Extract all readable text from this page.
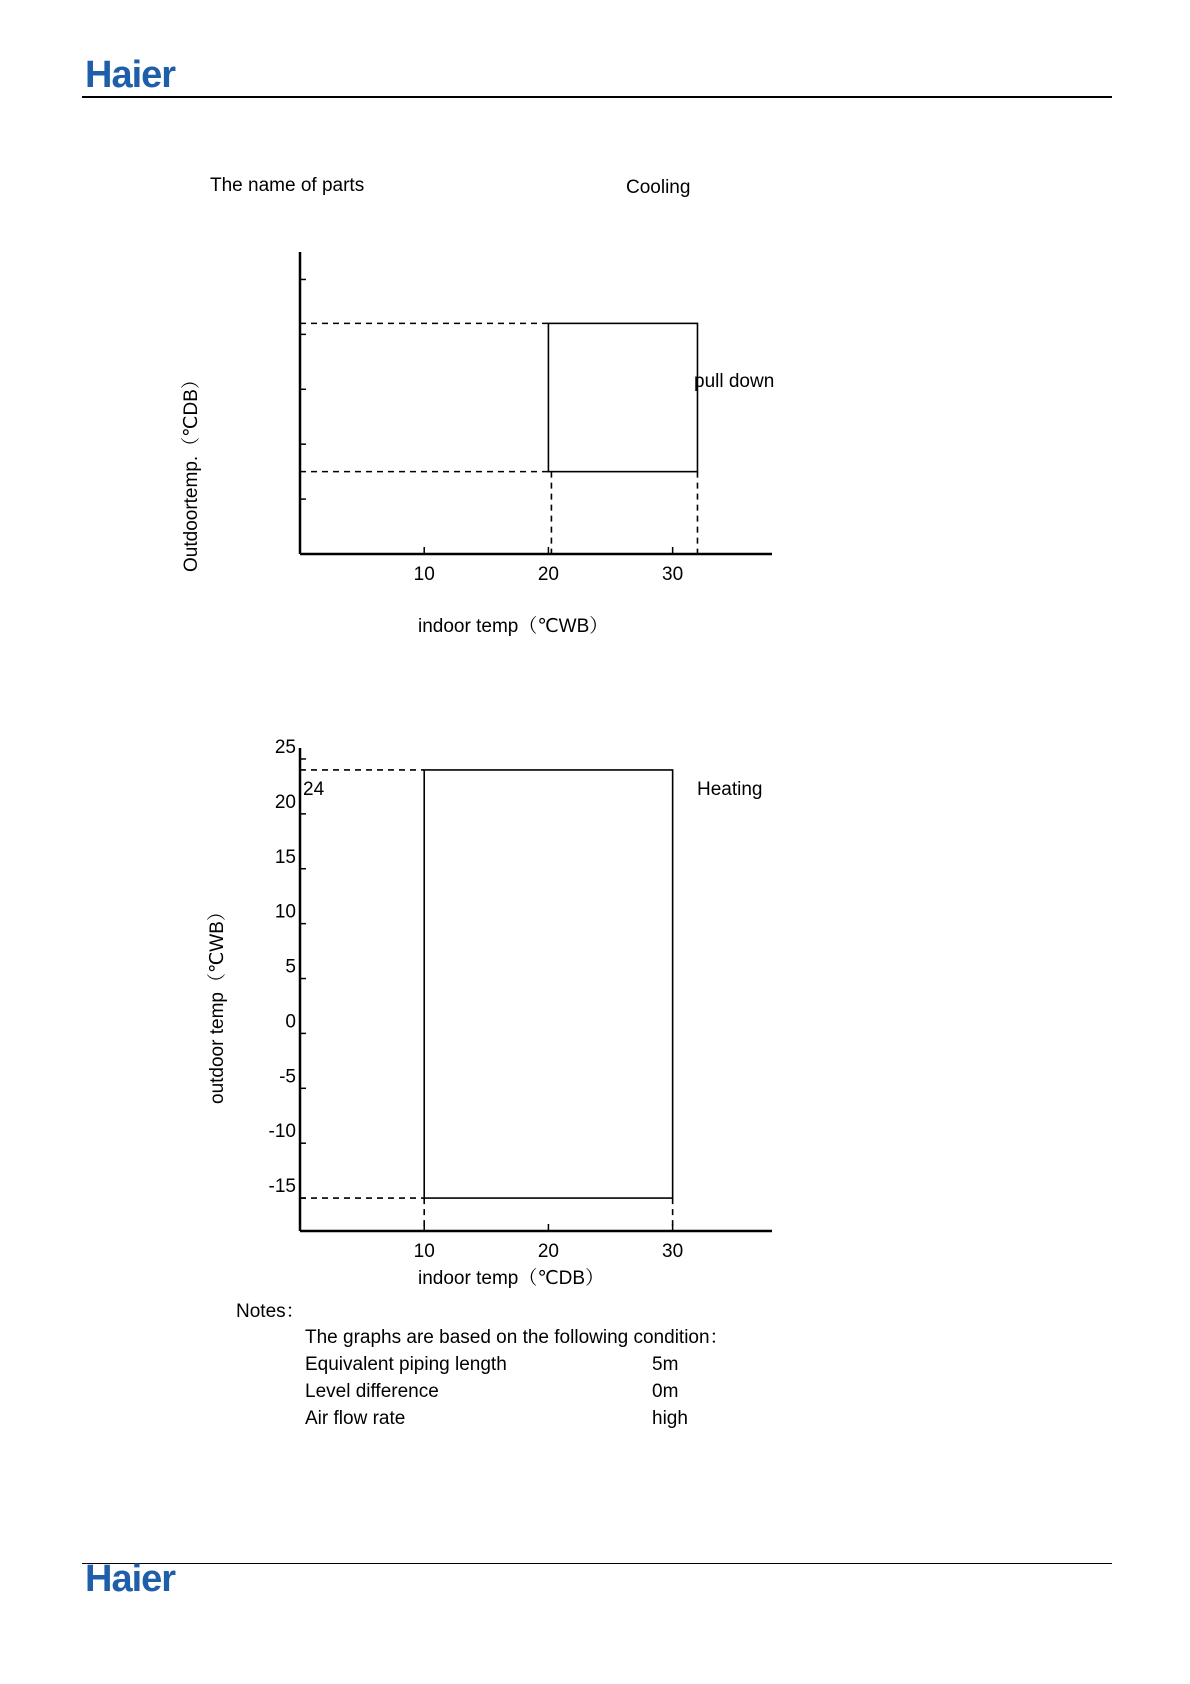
Haier
The name of parts	Cooling
pull down
indoor temp（℃WB）
Outdoortemp.（℃DB）
10	20	30
Heating
24
indoor temp（℃DB）
outdoor temp（℃WB）
10	20	30
25
20
15
10
5
0
-5
-10
-15
Notes：
The graphs are based on the following condition：
Equivalent piping length	5m
Level difference	0m
Air flow rate	high
Haier
